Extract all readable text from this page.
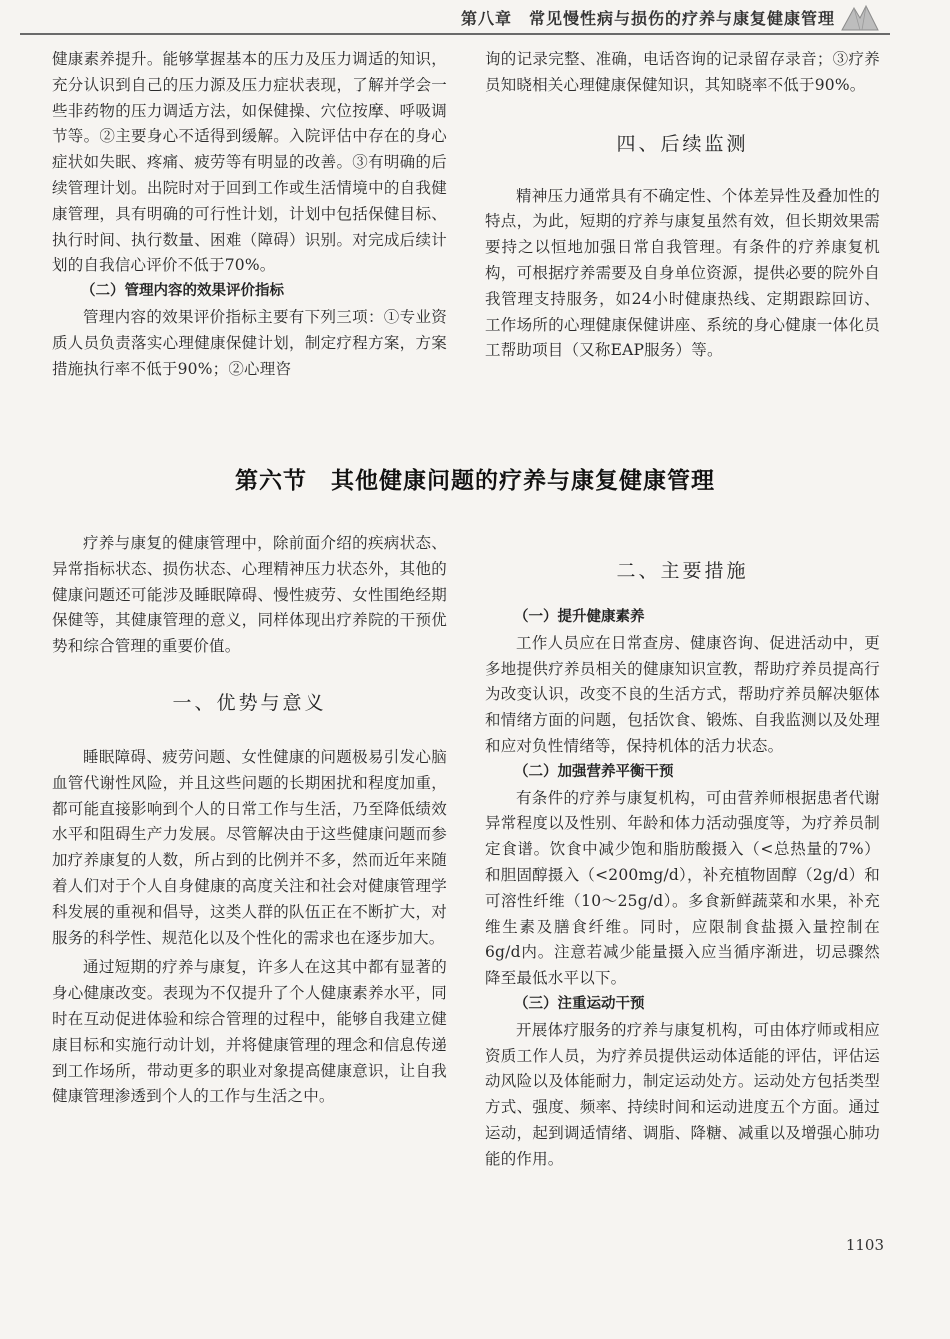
第八章　常见慢性病与损伤的疗养与康复健康管理

健康素养提升。能够掌握基本的压力及压力调适的知识，充分认识到自己的压力源及压力症状表现，了解并学会一些非药物的压力调适方法，如保健操、穴位按摩、呼吸调节等。②主要身心不适得到缓解。入院评估中存在的身心症状如失眠、疼痛、疲劳等有明显的改善。③有明确的后续管理计划。出院时对于回到工作或生活情境中的自我健康管理，具有明确的可行性计划，计划中包括保健目标、执行时间、执行数量、困难（障碍）识别。对完成后续计划的自我信心评价不低于70%。

（二）管理内容的效果评价指标

管理内容的效果评价指标主要有下列三项：①专业资质人员负责落实心理健康保健计划，制定疗程方案，方案措施执行率不低于90%；②心理咨

询的记录完整、准确，电话咨询的记录留存录音；③疗养员知晓相关心理健康保健知识，其知晓率不低于90%。

四、后续监测

精神压力通常具有不确定性、个体差异性及叠加性的特点，为此，短期的疗养与康复虽然有效，但长期效果需要持之以恒地加强日常自我管理。有条件的疗养康复机构，可根据疗养需要及自身单位资源，提供必要的院外自我管理支持服务，如24小时健康热线、定期跟踪回访、工作场所的心理健康保健讲座、系统的身心健康一体化员工帮助项目（又称EAP服务）等。

第六节　其他健康问题的疗养与康复健康管理

疗养与康复的健康管理中，除前面介绍的疾病状态、异常指标状态、损伤状态、心理精神压力状态外，其他的健康问题还可能涉及睡眠障碍、慢性疲劳、女性围绝经期保健等，其健康管理的意义，同样体现出疗养院的干预优势和综合管理的重要价值。

一、优势与意义

睡眠障碍、疲劳问题、女性健康的问题极易引发心脑血管代谢性风险，并且这些问题的长期困扰和程度加重，都可能直接影响到个人的日常工作与生活，乃至降低绩效水平和阻碍生产力发展。尽管解决由于这些健康问题而参加疗养康复的人数，所占到的比例并不多，然而近年来随着人们对于个人自身健康的高度关注和社会对健康管理学科发展的重视和倡导，这类人群的队伍正在不断扩大，对服务的科学性、规范化以及个性化的需求也在逐步加大。

通过短期的疗养与康复，许多人在这其中都有显著的身心健康改变。表现为不仅提升了个人健康素养水平，同时在互动促进体验和综合管理的过程中，能够自我建立健康目标和实施行动计划，并将健康管理的理念和信息传递到工作场所，带动更多的职业对象提高健康意识，让自我健康管理渗透到个人的工作与生活之中。

二、主要措施

（一）提升健康素养

工作人员应在日常查房、健康咨询、促进活动中，更多地提供疗养员相关的健康知识宣教，帮助疗养员提高行为改变认识，改变不良的生活方式，帮助疗养员解决躯体和情绪方面的问题，包括饮食、锻炼、自我监测以及处理和应对负性情绪等，保持机体的活力状态。

（二）加强营养平衡干预

有条件的疗养与康复机构，可由营养师根据患者代谢异常程度以及性别、年龄和体力活动强度等，为疗养员制定食谱。饮食中减少饱和脂肪酸摄入（<总热量的7%）和胆固醇摄入（<200mg/d），补充植物固醇（2g/d）和可溶性纤维（10～25g/d）。多食新鲜蔬菜和水果，补充维生素及膳食纤维。同时，应限制食盐摄入量控制在6g/d内。注意若减少能量摄入应当循序渐进，切忌骤然降至最低水平以下。

（三）注重运动干预

开展体疗服务的疗养与康复机构，可由体疗师或相应资质工作人员，为疗养员提供运动体适能的评估，评估运动风险以及体能耐力，制定运动处方。运动处方包括类型方式、强度、频率、持续时间和运动进度五个方面。通过运动，起到调适情绪、调脂、降糖、减重以及增强心肺功能的作用。

1103
